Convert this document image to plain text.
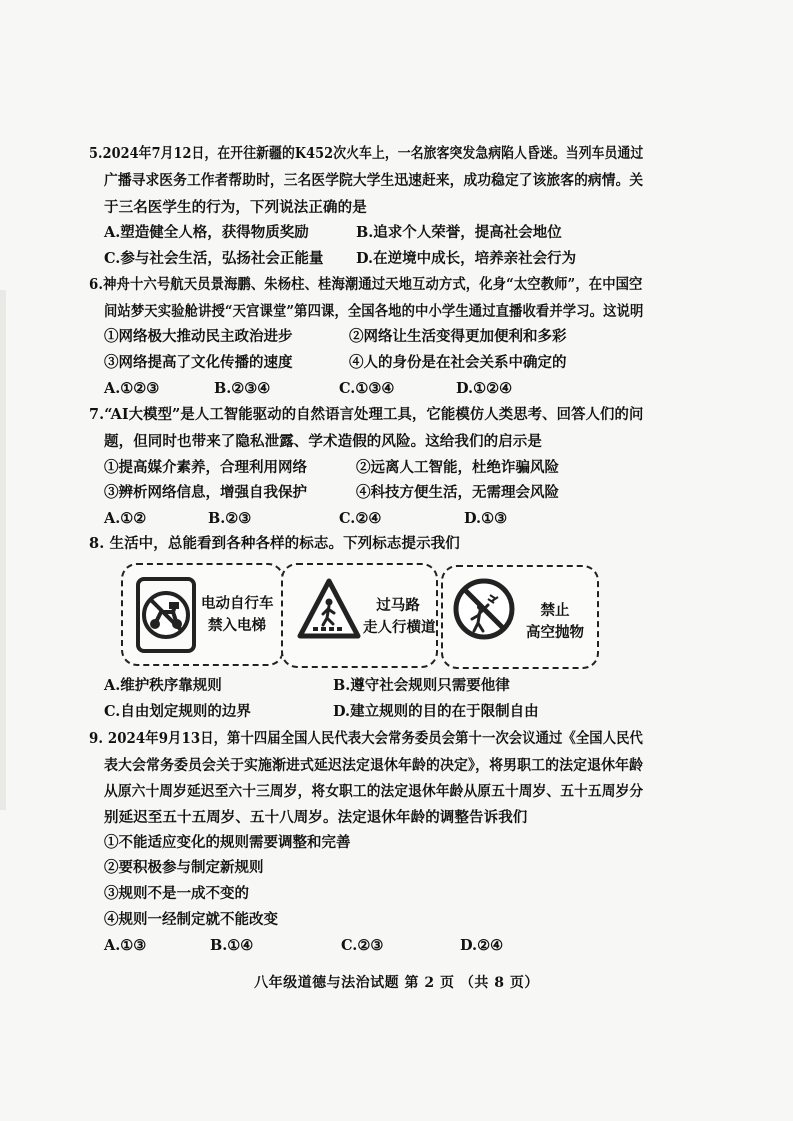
5.2024年7月12日，在开往新疆的K452次火车上，一名旅客突发急病陷人昏迷。当列车员通过
广播寻求医务工作者帮助时，三名医学院大学生迅速赶来，成功稳定了该旅客的病情。关
于三名医学生的行为，下列说法正确的是
A.塑造健全人格，获得物质奖励	B.追求个人荣誉，提高社会地位
C.参与社会生活，弘扬社会正能量 D.在逆境中成长，培养亲社会行为
6.神舟十六号航天员景海鹏、朱杨柱、桂海潮通过天地互动方式，化身“太空教师”，在中国空
间站梦天实验舱讲授“天宫课堂”第四课，全国各地的中小学生通过直播收看并学习。这说明
①网络极大推动民主政治进步	②网络让生活变得更加便利和多彩
③网络提高了文化传播的速度	④人的身份是在社会关系中确定的
A.①②③	B.②③④	C.①③④	D.①②④
7.“AI大模型”是人工智能驱动的自然语言处理工具，它能模仿人类思考、回答人们的问
题，但同时也带来了隐私泄露、学术造假的风险。这给我们的启示是
①提高媒介素养，合理利用网络	②远离人工智能，杜绝诈骗风险
③辨析网络信息，增强自我保护	④科技方便生活，无需理会风险
A.①②	B.②③	C.②④	D.①③
8. 生活中，总能看到各种各样的标志。下列标志提示我们
电动自行车
禁入电梯
过马路
走人行横道
禁止
高空抛物
A.维护秩序靠规则	B.遵守社会规则只需要他律
C.自由划定规则的边界	D.建立规则的目的在于限制自由
9. 2024年9月13日，第十四届全国人民代表大会常务委员会第十一次会议通过《全国人民代
表大会常务委员会关于实施渐进式延迟法定退休年龄的决定》，将男职工的法定退休年龄
从原六十周岁延迟至六十三周岁，将女职工的法定退休年龄从原五十周岁、五十五周岁分
别延迟至五十五周岁、五十八周岁。法定退休年龄的调整告诉我们
①不能适应变化的规则需要调整和完善
②要积极参与制定新规则
③规则不是一成不变的
④规则一经制定就不能改变
A.①③	B.①④	C.②③	D.②④
八年级道德与法治试题 第 2 页 （共 8 页）
